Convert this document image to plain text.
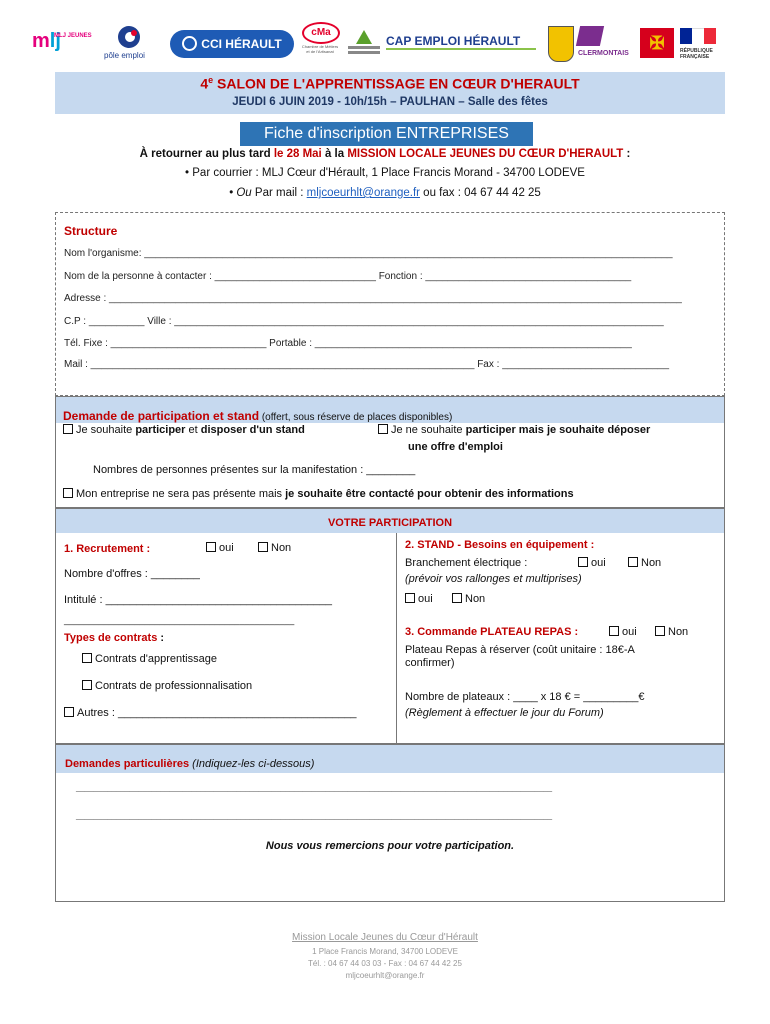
mlj
MLJ JEUNES
pôle emploi
CCI HÉRAULT
cMa
Chambre de Métiers et de l'Artisanat
CAP EMPLOI HÉRAULT
CLERMONTAIS
✠	RÉPUBLIQUE FRANÇAISE
4e SALON DE L'APPRENTISSAGE EN CŒUR D'HERAULT
JEUDI 6 JUIN 2019 - 10h/15h – PAULHAN – Salle des fêtes
Fiche d'inscription ENTREPRISES
À retourner au plus tard le 28 Mai à la MISSION LOCALE JEUNES DU CŒUR D'HERAULT :
• Par courrier : MLJ Cœur d'Hérault, 1 Place Francis Morand - 34700 LODEVE
• Ou Par mail : mljcoeurhlt@orange.fr ou fax : 04 67 44 42 25
Structure
Nom l'organisme: _______________________________________________________________________________________________
Nom de la personne à contacter : _____________________________ Fonction : _____________________________________
Adresse : _______________________________________________________________________________________________________
C.P : __________ Ville : ________________________________________________________________________________________
Tél. Fixe : ____________________________ Portable : _________________________________________________________
Mail : _____________________________________________________________________ Fax : ______________________________
Demande de participation et stand (offert, sous réserve de places disponibles)
Je souhaite participer et disposer d'un stand	Je ne souhaite participer mais je souhaite déposer
une offre d'emploi
Nombres de personnes présentes sur la manifestation : ________
Mon entreprise ne sera pas présente mais je souhaite être contacté pour obtenir des informations
VOTRE PARTICIPATION
1. Recrutement :	oui	Non
Nombre d'offres : ________
Intitulé : _____________________________________
______________________________________________
Types de contrats :
Contrats d'apprentissage
Contrats de professionnalisation
Autres : _______________________________________
2. STAND - Besoins en équipement :
Branchement électrique :	oui	Non
(prévoir vos rallonges et multiprises)
oui	Non
3. Commande PLATEAU REPAS :	oui	Non
Plateau Repas à réserver (coût unitaire : 18€-A
confirmer)
Nombre de plateaux : ____ x 18 € = _________€
(Règlement à effectuer le jour du Forum)
Demandes particulières (Indiquez-les ci-dessous)
___________________________________________________________________________________________________________
___________________________________________________________________________________________________________
Nous vous remercions pour votre participation.
Mission Locale Jeunes du Cœur d'Hérault
1 Place Francis Morand, 34700 LODEVE
Tél. : 04 67 44 03 03 - Fax : 04 67 44 42 25
mljcoeurhlt@orange.fr
